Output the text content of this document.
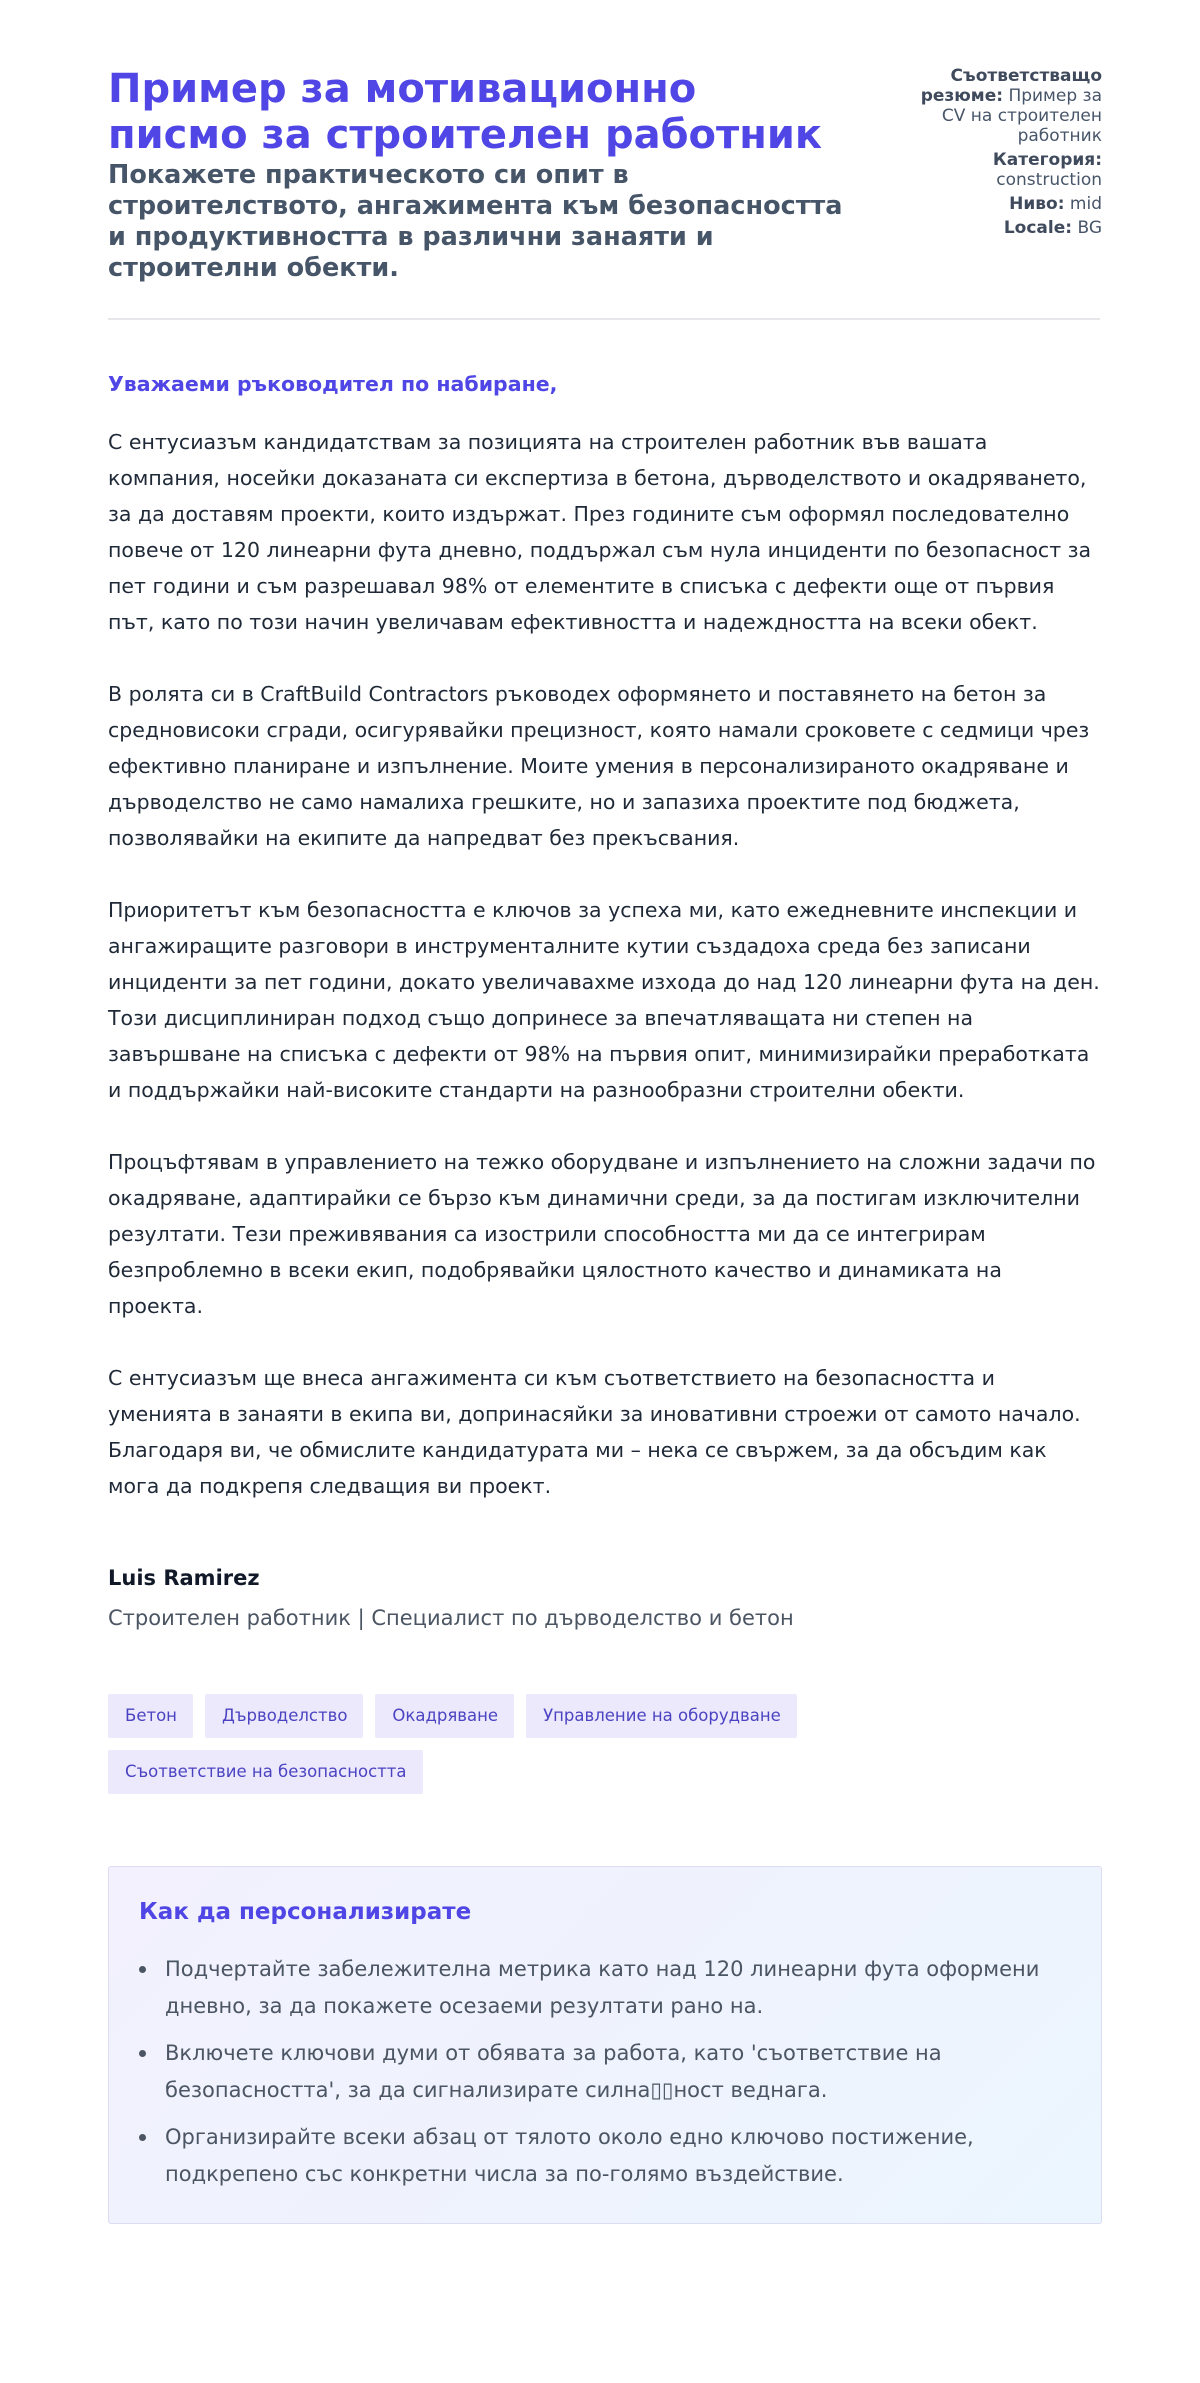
Пример за мотивационно писмо за строителен работник
Покажете практическото си опит в строителството, ангажимента към безопасността и продуктивността в различни занаяти и строителни обекти.
Съответстващо резюме: Пример за CV на строителен работник
Категория: construction
Ниво: mid
Locale: BG

Уважаеми ръководител по набиране,

С ентусиазъм кандидатствам за позицията на строителен работник във вашата компания, носейки доказаната си експертиза в бетона, дърводелството и окадряването, за да доставям проекти, които издържат. През годините съм оформял последователно повече от 120 линеарни фута дневно, поддържал съм нула инциденти по безопасност за пет години и съм разрешавал 98% от елементите в списъка с дефекти още от първия път, като по този начин увеличавам ефективността и надеждността на всеки обект.

В ролята си в CraftBuild Contractors ръководех оформянето и поставянето на бетон за средновисоки сгради, осигурявайки прецизност, която намали сроковете с седмици чрез ефективно планиране и изпълнение. Моите умения в персонализираното окадряване и дърводелство не само намалиха грешките, но и запазиха проектите под бюджета, позволявайки на екипите да напредват без прекъсвания.

Приоритетът към безопасността е ключов за успеха ми, като ежедневните инспекции и ангажиращите разговори в инструменталните кутии създадоха среда без записани инциденти за пет години, докато увеличавахме изхода до над 120 линеарни фута на ден. Този дисциплиниран подход също допринесе за впечатляващата ни степен на завършване на списъка с дефекти от 98% на първия опит, минимизирайки преработката и поддържайки най-високите стандарти на разнообразни строителни обекти.

Процъфтявам в управлението на тежко оборудване и изпълнението на сложни задачи по окадряване, адаптирайки се бързо към динамични среди, за да постигам изключителни резултати. Тези преживявания са изострили способността ми да се интегрирам безпроблемно в всеки екип, подобрявайки цялостното качество и динамиката на проекта.

С ентусиазъм ще внеса ангажимента си към съответствието на безопасността и уменията в занаяти в екипа ви, допринасяйки за иновативни строежи от самото начало. Благодаря ви, че обмислите кандидатурата ми – нека се свържем, за да обсъдим как мога да подкрепя следващия ви проект.

Luis Ramirez
Строителен работник | Специалист по дърводелство и бетон
Бетон	Дърводелство	Окадряване	Управление на оборудване
Съответствие на безопасността
Как да персонализирате
Подчертайте забележителна метрика като над 120 линеарни фута оформени дневно, за да покажете осезаеми резултати рано на.
Включете ключови думи от обявата за работа, като 'съответствие на безопасността', за да сигнализирате силна▯▯ност веднага.
Организирайте всеки абзац от тялото около едно ключово постижение, подкрепено със конкретни числа за по-голямо въздействие.
